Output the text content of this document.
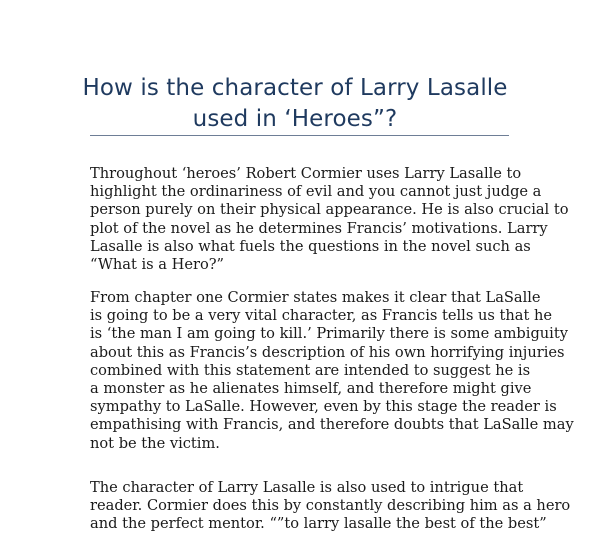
How is the character of Larry Lasalle
used in ‘Heroes”?
Throughout ‘heroes’ Robert Cormier uses Larry Lasalle to
highlight the ordinariness of evil and you cannot just judge a
person purely on their physical appearance. He is also crucial to
plot of the novel as he determines Francis’ motivations. Larry
Lasalle is also what fuels the questions in the novel such as
“What is a Hero?”
From chapter one Cormier states makes it clear that LaSalle
is going to be a very vital character, as Francis tells us that he
is ‘the man I am going to kill.’ Primarily there is some ambiguity
about this as Francis’s description of his own horrifying injuries
combined with this statement are intended to suggest he is
a monster as he alienates himself, and therefore might give
sympathy to LaSalle. However, even by this stage the reader is
empathising with Francis, and therefore doubts that LaSalle may
not be the victim.
The character of Larry Lasalle is also used to intrigue that
reader. Cormier does this by constantly describing him as a hero
and the perfect mentor. “”to larry lasalle the best of the best”
